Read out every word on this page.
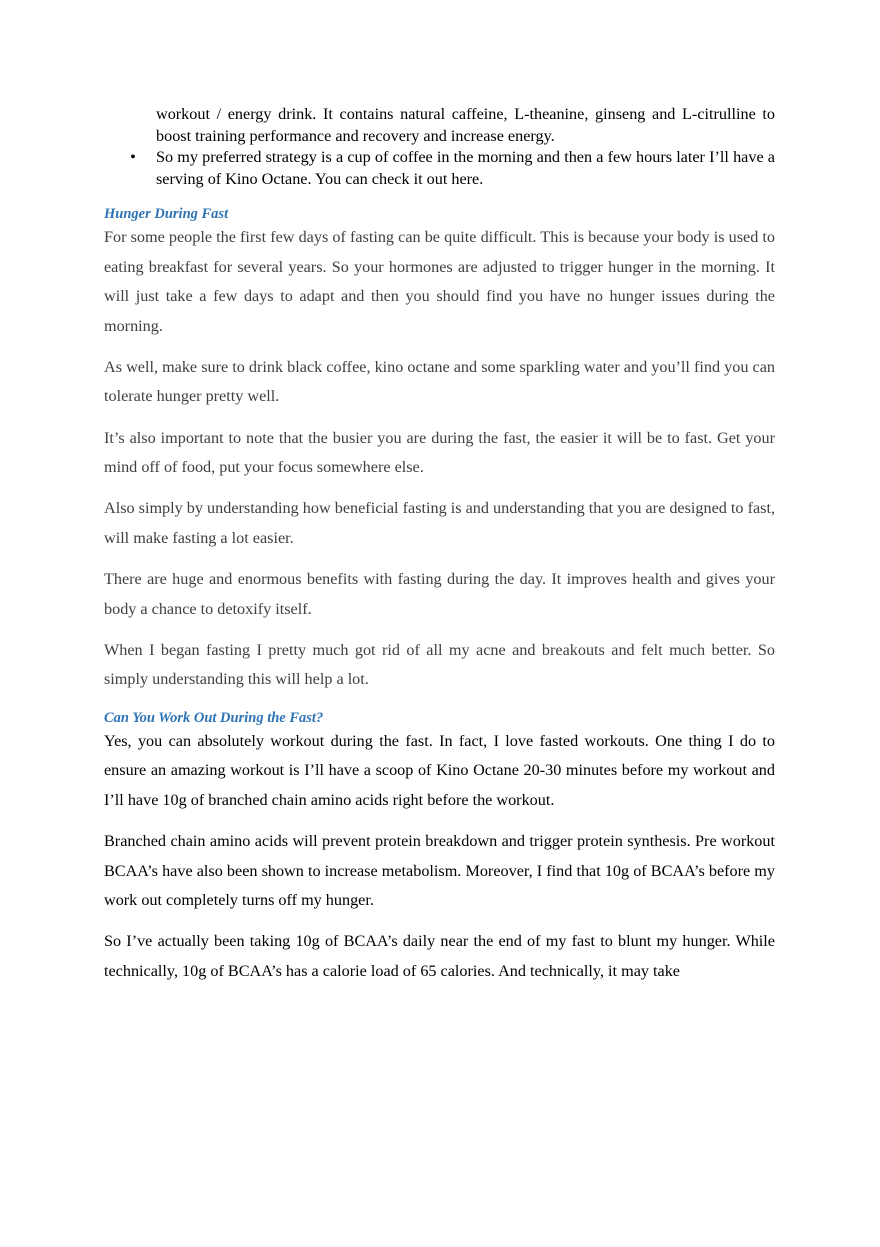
workout / energy drink. It contains natural caffeine, L-theanine, ginseng and L-citrulline to boost training performance and recovery and increase energy.
• So my preferred strategy is a cup of coffee in the morning and then a few hours later I’ll have a serving of Kino Octane. You can check it out here.
Hunger During Fast

For some people the first few days of fasting can be quite difficult. This is because your body is used to eating breakfast for several years. So your hormones are adjusted to trigger hunger in the morning. It will just take a few days to adapt and then you should find you have no hunger issues during the morning.

As well, make sure to drink black coffee, kino octane and some sparkling water and you’ll find you can tolerate hunger pretty well.

It’s also important to note that the busier you are during the fast, the easier it will be to fast. Get your mind off of food, put your focus somewhere else.

Also simply by understanding how beneficial fasting is and understanding that you are designed to fast, will make fasting a lot easier.

There are huge and enormous benefits with fasting during the day. It improves health and gives your body a chance to detoxify itself.

When I began fasting I pretty much got rid of all my acne and breakouts and felt much better. So simply understanding this will help a lot.

Can You Work Out During the Fast?

Yes, you can absolutely workout during the fast. In fact, I love fasted workouts. One thing I do to ensure an amazing workout is I’ll have a scoop of Kino Octane 20-30 minutes before my workout and I’ll have 10g of branched chain amino acids right before the workout.

Branched chain amino acids will prevent protein breakdown and trigger protein synthesis. Pre workout BCAA’s have also been shown to increase metabolism. Moreover, I find that 10g of BCAA’s before my work out completely turns off my hunger.

So I’ve actually been taking 10g of BCAA’s daily near the end of my fast to blunt my hunger. While technically, 10g of BCAA’s has a calorie load of 65 calories. And technically, it may take
